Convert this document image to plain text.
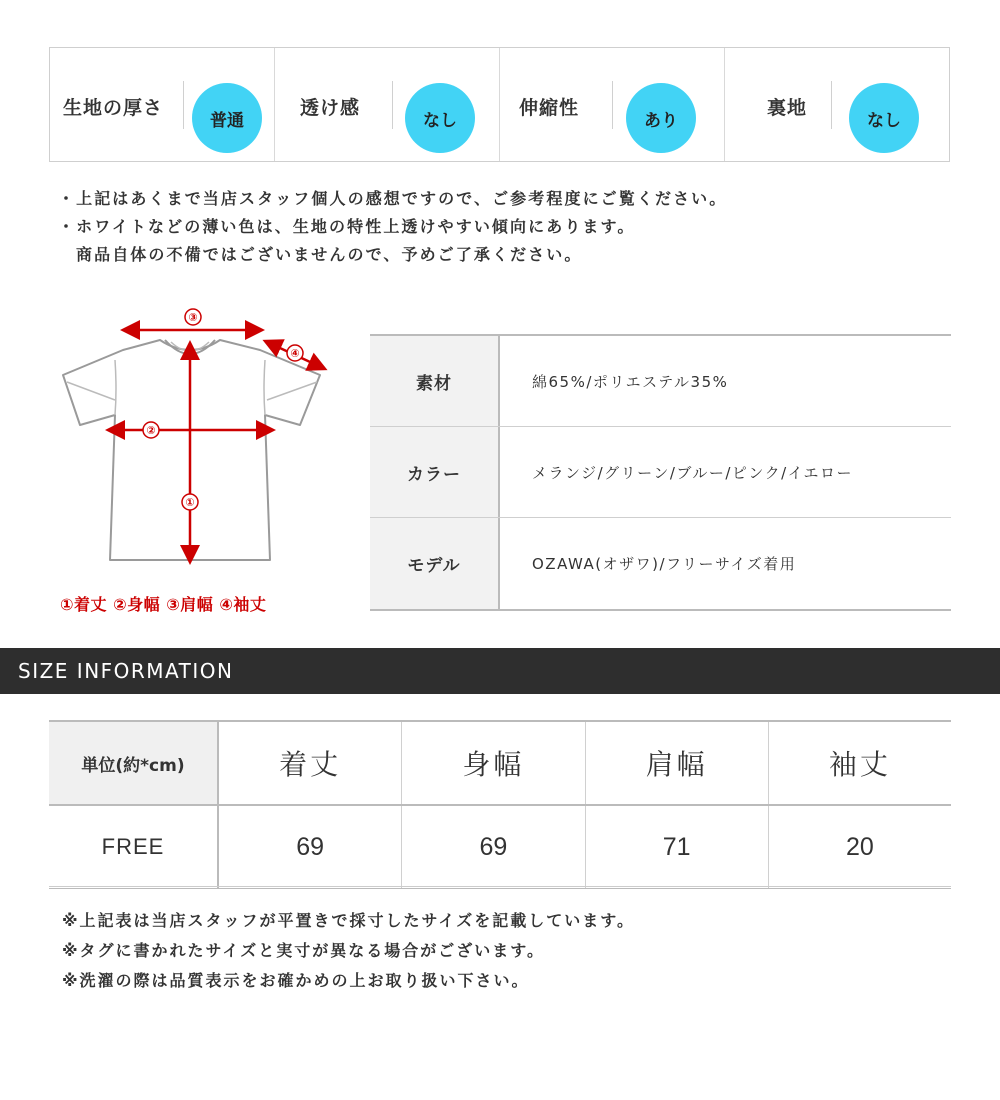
生地の厚さ
普通
透け感
なし
伸縮性
あり
裏地
なし
・上記はあくまで当店スタッフ個人の感想ですので、ご参考程度にご覧ください。
・ホワイトなどの薄い色は、生地の特性上透けやすい傾向にあります。
商品自体の不備ではございませんので、予めご了承ください。
③
④
②
①
①着丈 ②身幅 ③肩幅 ④袖丈
素材	綿65%/ポリエステル35%
カラー	メランジ/グリーン/ブルー/ピンク/イエロー
モデル	OZAWA(オザワ)/フリーサイズ着用
SIZE INFORMATION
単位(約*cm)	着丈	身幅	肩幅	袖丈
FREE	69	69	71	20
※上記表は当店スタッフが平置きで採寸したサイズを記載しています。
※タグに書かれたサイズと実寸が異なる場合がございます。
※洗濯の際は品質表示をお確かめの上お取り扱い下さい。
